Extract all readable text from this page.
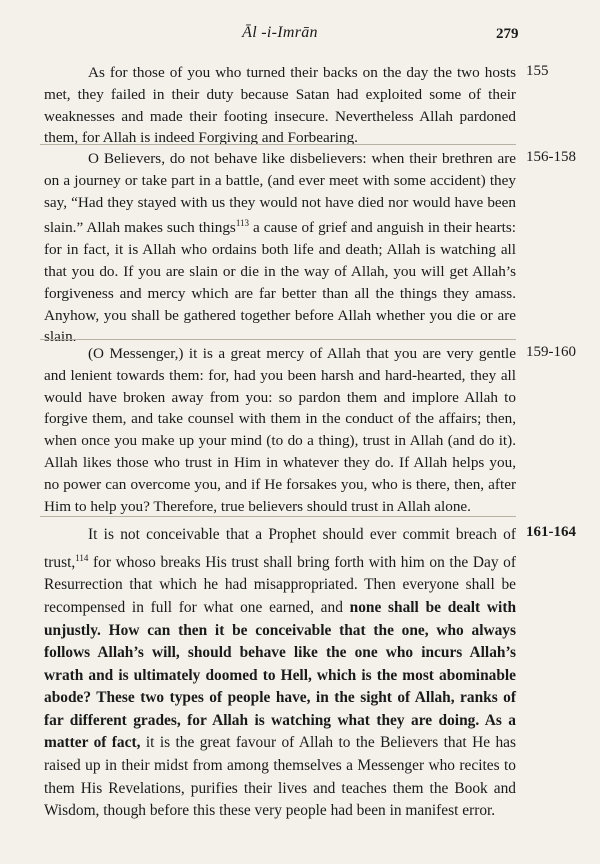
Āl -i-Imrān	279

As for those of you who turned their backs on the day the two hosts met, they failed in their duty because Satan had exploited some of their weaknesses and made their footing insecure. Nevertheless Allah pardoned them, for Allah is indeed Forgiving and Forbearing.

155

O Believers, do not behave like disbelievers: when their brethren are on a journey or take part in a battle, (and ever meet with some accident) they say, “Had they stayed with us they would not have died nor would have been slain.” Allah makes such things$^{113}$ a cause of grief and anguish in their hearts: for in fact, it is Allah who ordains both life and death; Allah is watching all that you do. If you are slain or die in the way of Allah, you will get Allah’s forgiveness and mercy which are far better than all the things they amass. Anyhow, you shall be gathered together before Allah whether you die or are slain.

156-158

(O Messenger,) it is a great mercy of Allah that you are very gentle and lenient towards them: for, had you been harsh and hard-hearted, they all would have broken away from you: so pardon them and implore Allah to forgive them, and take counsel with them in the conduct of the affairs; then, when once you make up your mind (to do a thing), trust in Allah (and do it). Allah likes those who trust in Him in whatever they do. If Allah helps you, no power can overcome you, and if He forsakes you, who is there, then, after Him to help you? Therefore, true believers should trust in Allah alone.

159-160

It is not conceivable that a Prophet should ever commit breach of trust,$^{114}$ for whoso breaks His trust shall bring forth with him on the Day of Resurrection that which he had misappropriated. Then everyone shall be recompensed in full for what one earned, and none shall be dealt with unjustly. How can then it be conceivable that the one, who always follows Allah’s will, should behave like the one who incurs Allah’s wrath and is ultimately doomed to Hell, which is the most abominable abode? These two types of people have, in the sight of Allah, ranks of far different grades, for Allah is watching what they are doing. As a matter of fact, it is the great favour of Allah to the Believers that He has raised up in their midst from among themselves a Messenger who recites to them His Revelations, purifies their lives and teaches them the Book and Wisdom, though before this these very people had been in manifest error.

161-164
